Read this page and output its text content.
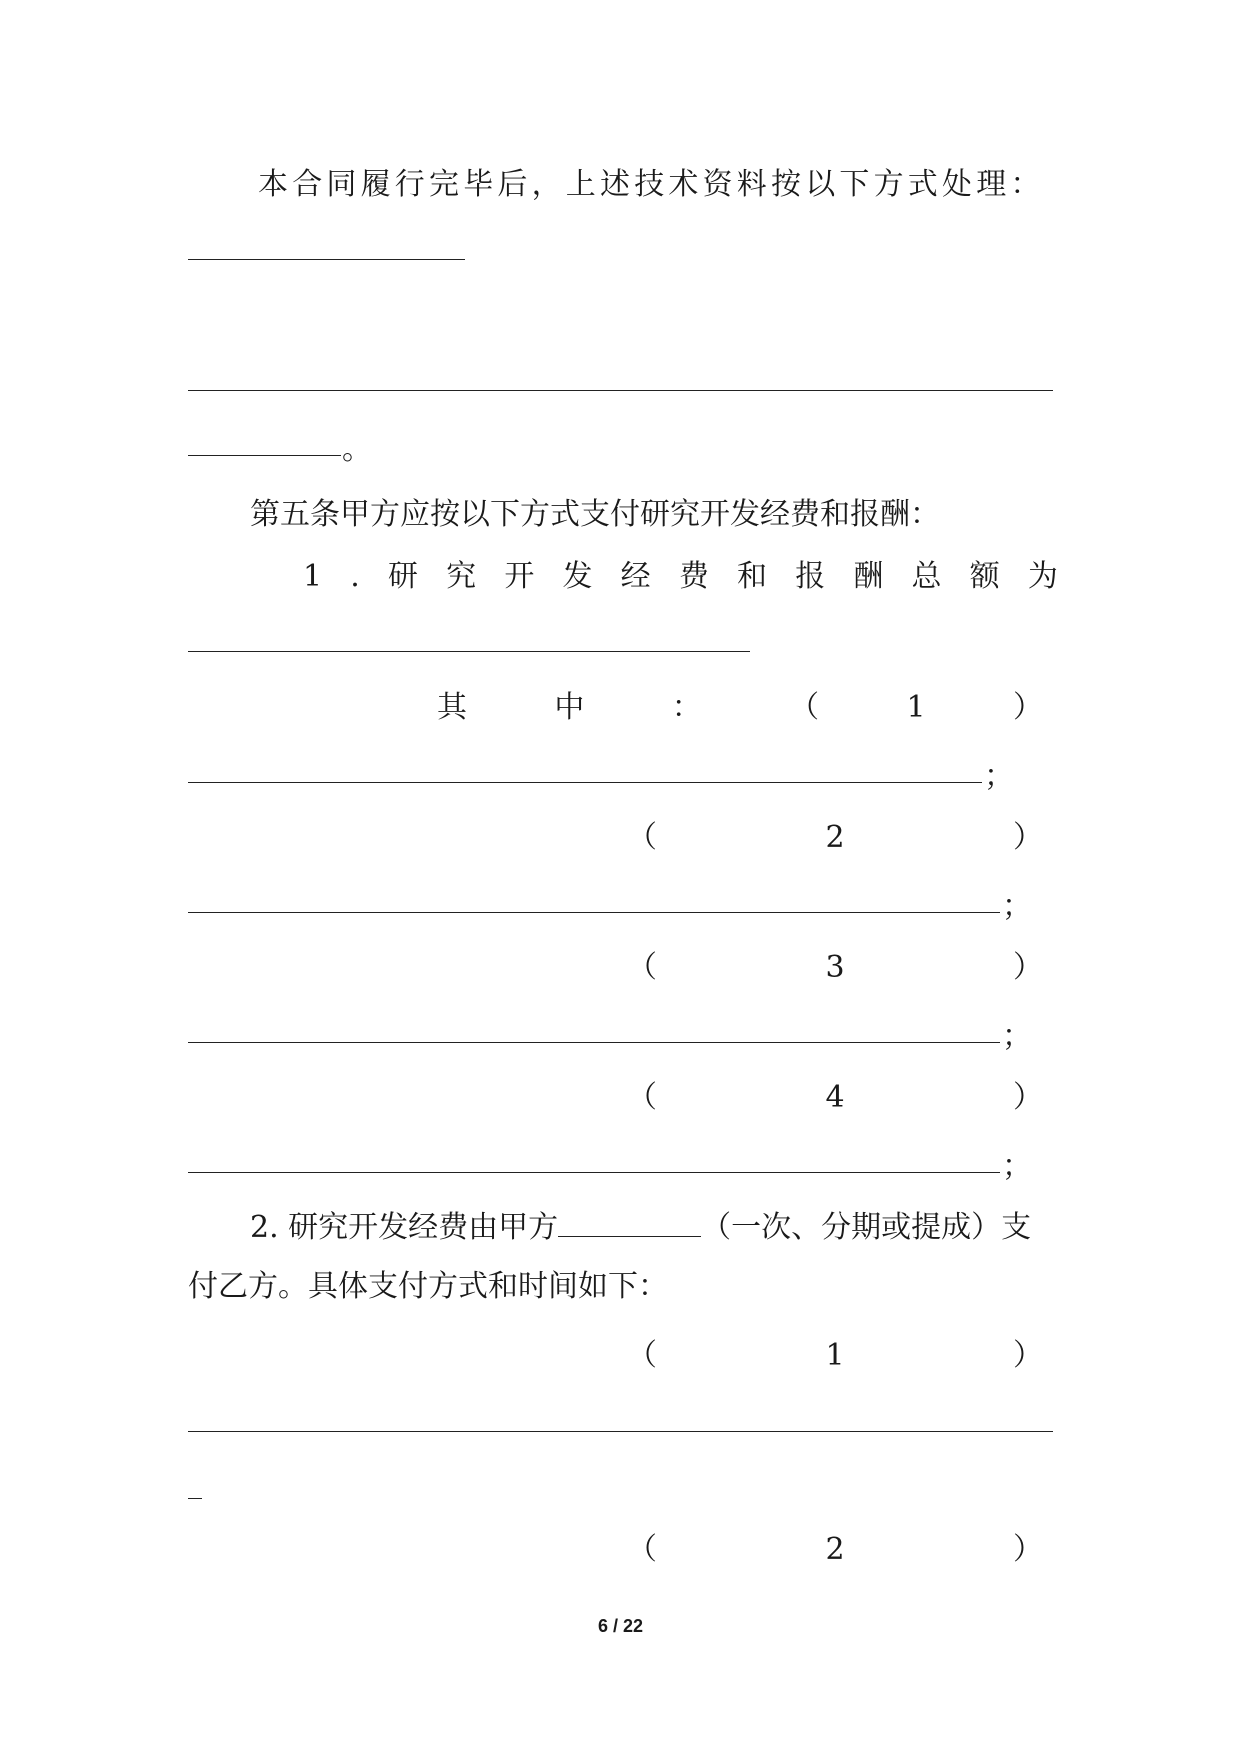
本合同履行完毕后，上述技术资料按以下方式处理：
。
第五条甲方应按以下方式支付研究开发经费和报酬：
1 . 研 究 开 发 经 费 和 报 酬 总 额 为
其	中	：	（	1	）
；
（	2	）
；
（	3	）
；
（	4	）
；
2. 研究开发经费由甲方	（一次、分期或提成）支
付乙方。具体支付方式和时间如下：
（	1	）
（	2	）
6 / 22
